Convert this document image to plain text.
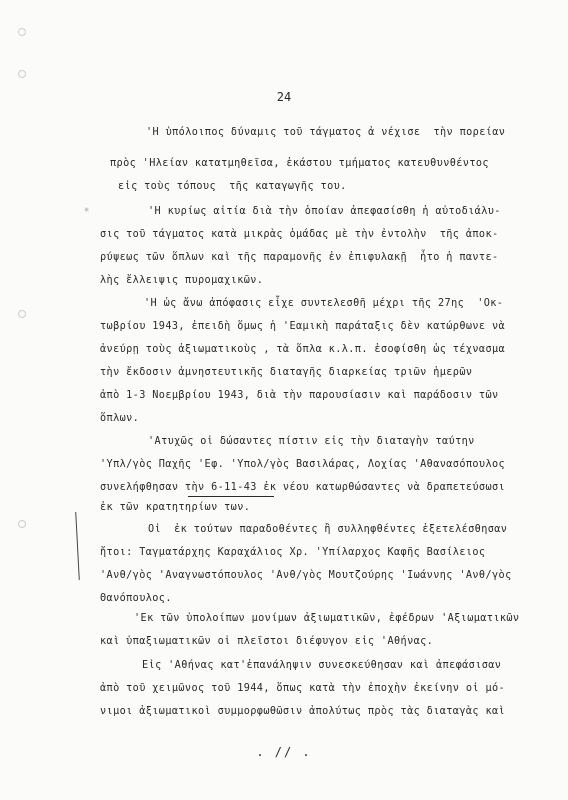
24
'Η ὑπόλοιπος δύναμις τοῦ τάγματος ἀ νέχισε  τὴν πορείαν
πρὸς 'Ηλείαν κατατμηθεῖσα, ἑκάστου τμήματος κατευθυνθέντος
εἰς τοὺς τόπους  τῆς καταγωγῆς του.
✳	'Η κυρίως αἰτία διὰ τὴν ὁποίαν ἀπεφασίσθη ἡ αὐτοδιάλυ-
σις τοῦ τάγματος κατὰ μικρὰς ὁμάδας μὲ τὴν ἐντολὴν  τῆς ἀποκ-
ρύψεως τῶν ὅπλων καὶ τῆς παραμονῆς ἐν ἐπιφυλακῇ  ἦτο ἡ παντε-
λὴς ἔλλειψις πυρομαχικῶν.
'Η ὡς ἄνω ἀπόφασις εἶχε συντελεσθῆ μέχρι τῆς 27ης  'Οκ-
τωβρίου 1943, ἐπειδὴ ὅμως ἡ 'Εαμικὴ παράταξις δὲν κατώρθωνε νὰ
ἀνεύρῃ τοὺς ἀξιωματικοὺς , τὰ ὅπλα κ.λ.π. ἐσοφίσθη ὡς τέχνασμα
τὴν ἔκδοσιν ἀμνηστευτικῆς διαταγῆς διαρκείας τριῶν ἡμερῶν
ἀπὸ 1-3 Νοεμβρίου 1943, διὰ τὴν παρουσίασιν καὶ παράδοσιν τῶν
ὅπλων.
'Ατυχῶς οἱ δώσαντες πίστιν εἰς τὴν διαταγὴν ταύτην
'Υπλ/γὸς Παχῆς 'Εφ. 'Υπολ/γὸς Βασιλάρας, Λοχίας 'Αθανασόπουλος
συνελήφθησαν τὴν 6-11-43 ἐκ νέου κατωρθώσαντες νὰ δραπετεύσωσι
ἐκ τῶν κρατητηρίων των.
Οἱ  ἐκ τούτων παραδοθέντες ἢ συλληφθέντες ἐξετελέσθησαν
ἤτοι: Ταγματάρχης Καραχάλιος Χρ. 'Υπίλαρχος Καφῆς Βασίλειος
'Ανθ/γὸς 'Αναγνωστόπουλος 'Ανθ/γὸς Μουτζούρης 'Ιωάννης 'Ανθ/γὸς
Θανόπουλος.
'Εκ τῶν ὑπολοίπων μονίμων ἀξιωματικῶν, ἐφέδρων 'Αξιωματικῶν
καὶ ὑπαξιωματικῶν οἱ πλεῖστοι διέφυγον εἰς 'Αθήνας.
Εἰς 'Αθήνας κατ'ἐπανάληψιν συνεσκεύθησαν καὶ ἀπεφάσισαν
ἀπὸ τοῦ χειμῶνος τοῦ 1944, ὅπως κατὰ τὴν ἐποχὴν ἐκείνην οἱ μό-
νιμοι ἀξιωματικοὶ συμμορφωθῶσιν ἀπολύτως πρὸς τὰς διαταγὰς καὶ
. // .
